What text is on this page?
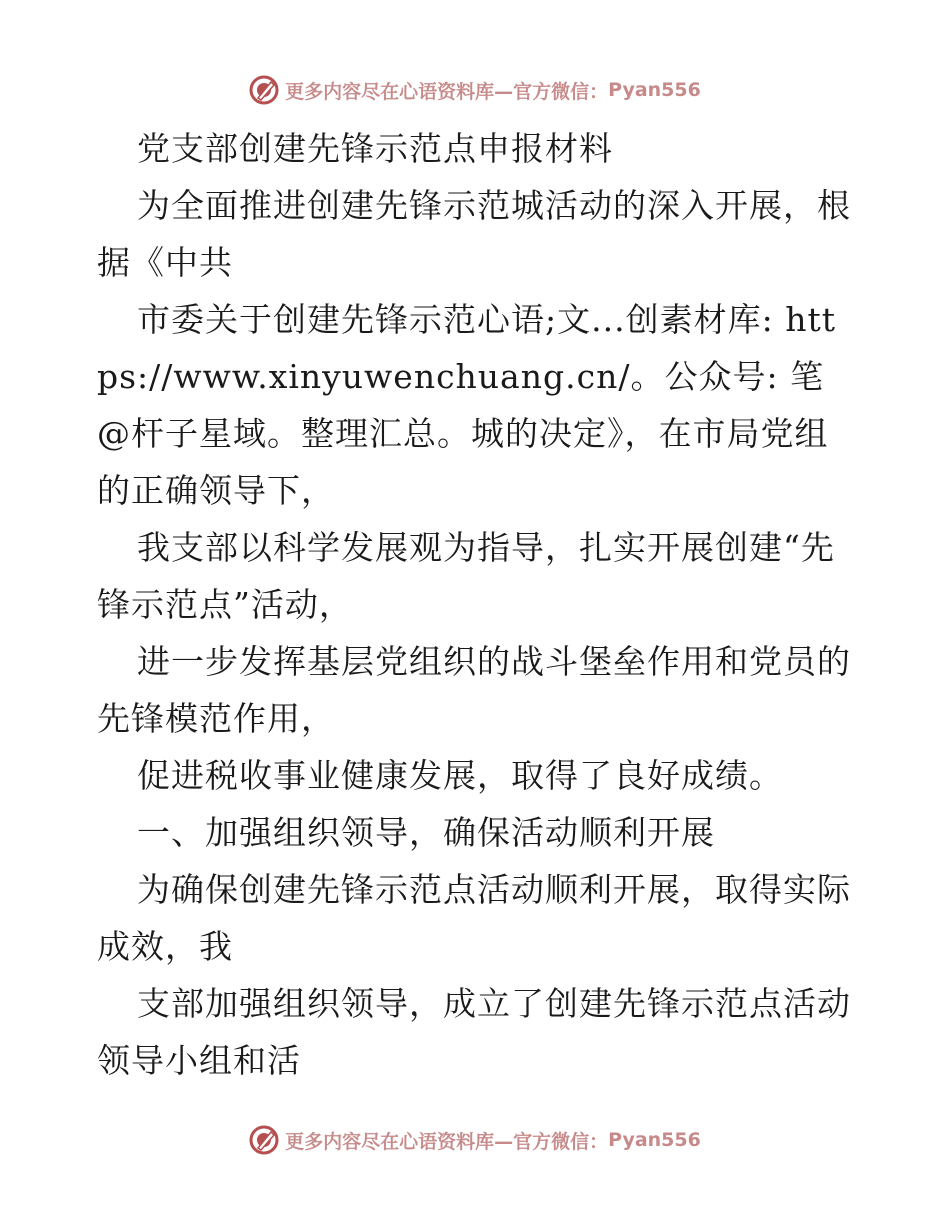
更多内容尽在心语资料库— 官方微信： Pyan556

党支部创建先锋示范点申报材料

为全面推进创建先锋示范城活动的深入开展，根据《中共

市委关于创建先锋示范心语;文...创素材库: https://www.xinyuwenchuang.cn/。公众号: 笔@杆子星域。整理汇总。城的决定》，在市局党组的正确领导下，

我支部以科学发展观为指导，扎实开展创建“先锋示范点”活动，

进一步发挥基层党组织的战斗堡垒作用和党员的先锋模范作用，

促进税收事业健康发展，取得了良好成绩。

一、加强组织领导，确保活动顺利开展

为确保创建先锋示范点活动顺利开展，取得实际成效，我

支部加强组织领导，成立了创建先锋示范点活动领导小组和活

更多内容尽在心语资料库— 官方微信： Pyan556
